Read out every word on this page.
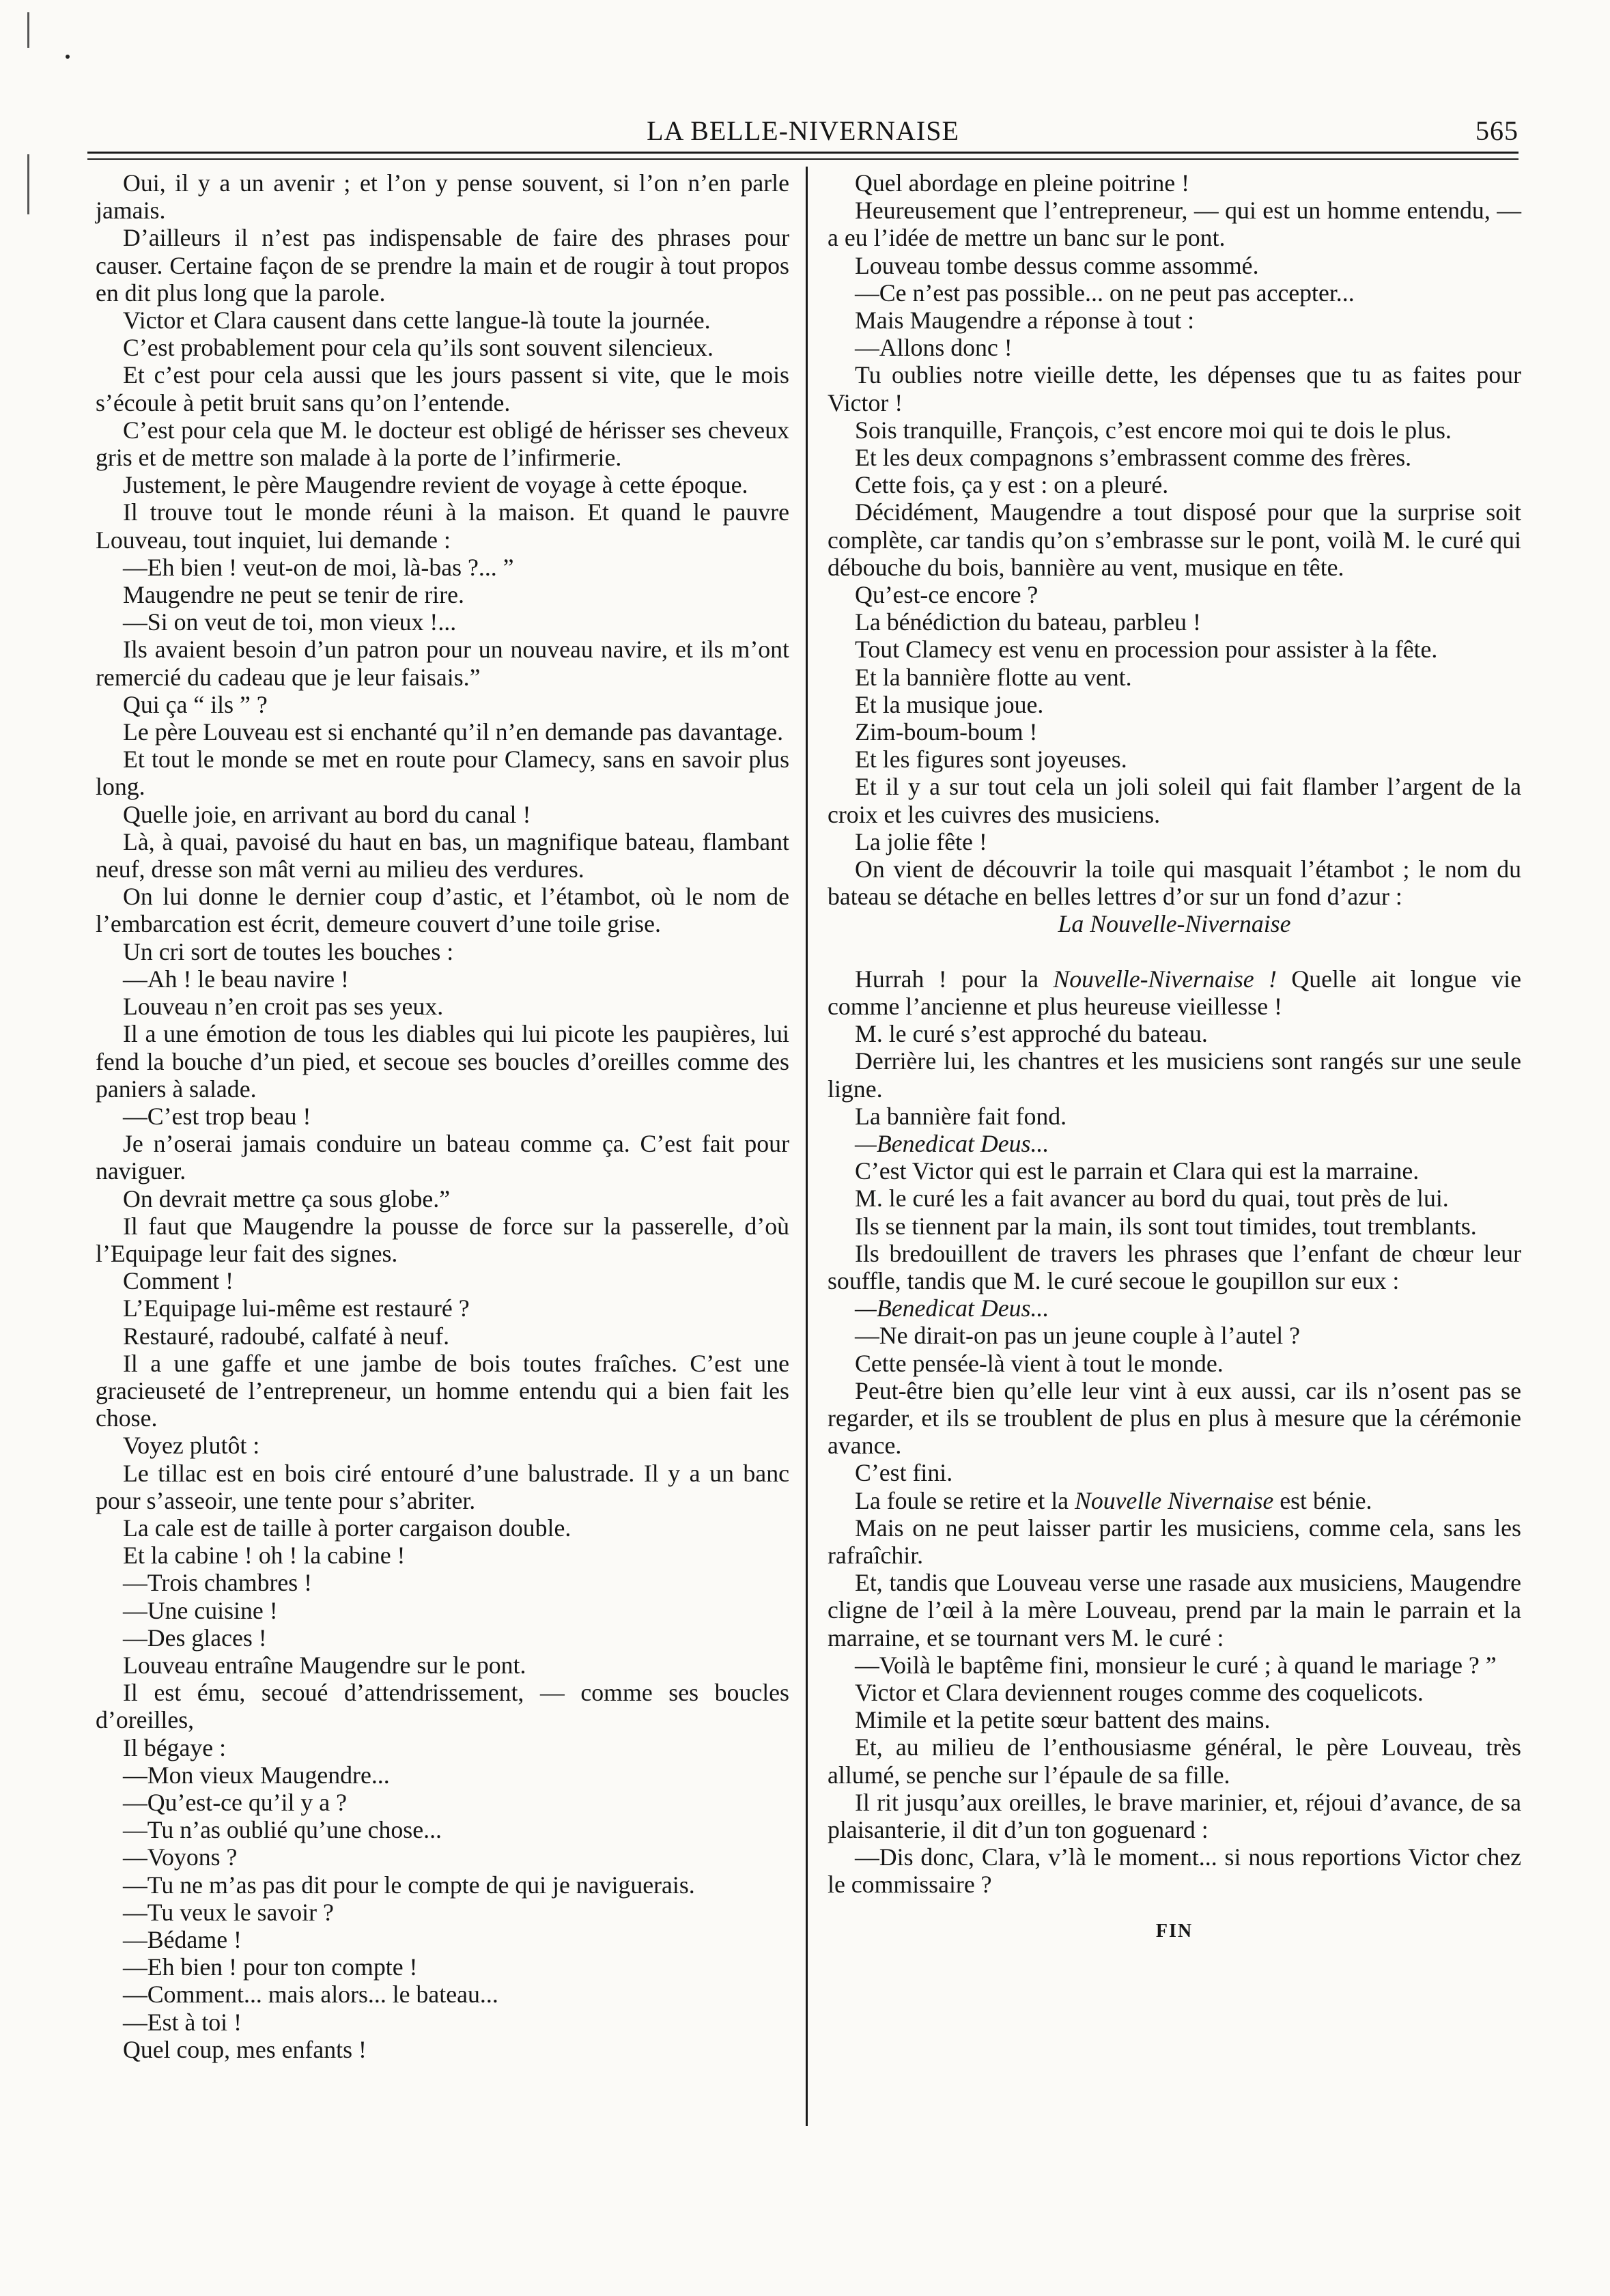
LA BELLE-NIVERNAISE	565

Oui, il y a un avenir ; et l’on y pense souvent, si l’on n’en parle jamais.

D’ailleurs il n’est pas indispensable de faire des phrases pour causer. Certaine façon de se prendre la main et de rougir à tout propos en dit plus long que la parole.

Victor et Clara causent dans cette langue-là toute la journée.

C’est probablement pour cela qu’ils sont souvent silencieux.

Et c’est pour cela aussi que les jours passent si vite, que le mois s’écoule à petit bruit sans qu’on l’entende.

C’est pour cela que M. le docteur est obligé de hérisser ses cheveux gris et de mettre son malade à la porte de l’infirmerie.

Justement, le père Maugendre revient de voyage à cette époque.

Il trouve tout le monde réuni à la maison. Et quand le pauvre Louveau, tout inquiet, lui demande :

—Eh bien ! veut-on de moi, là-bas ?... ”

Maugendre ne peut se tenir de rire.

—Si on veut de toi, mon vieux !...

Ils avaient besoin d’un patron pour un nouveau navire, et ils m’ont remercié du cadeau que je leur faisais.”

Qui ça “ ils ” ?

Le père Louveau est si enchanté qu’il n’en demande pas davantage.

Et tout le monde se met en route pour Clamecy, sans en savoir plus long.

Quelle joie, en arrivant au bord du canal !

Là, à quai, pavoisé du haut en bas, un magnifique bateau, flambant neuf, dresse son mât verni au milieu des verdures.

On lui donne le dernier coup d’astic, et l’étambot, où le nom de l’embarcation est écrit, demeure couvert d’une toile grise.

Un cri sort de toutes les bouches :

—Ah ! le beau navire !

Louveau n’en croit pas ses yeux.

Il a une émotion de tous les diables qui lui picote les paupières, lui fend la bouche d’un pied, et secoue ses boucles d’oreilles comme des paniers à salade.

—C’est trop beau !

Je n’oserai jamais conduire un bateau comme ça. C’est fait pour naviguer.

On devrait mettre ça sous globe.”

Il faut que Maugendre la pousse de force sur la passerelle, d’où l’Equipage leur fait des signes.

Comment !

L’Equipage lui-même est restauré ?

Restauré, radoubé, calfaté à neuf.

Il a une gaffe et une jambe de bois toutes fraîches. C’est une gracieuseté de l’entrepreneur, un homme entendu qui a bien fait les chose.

Voyez plutôt :

Le tillac est en bois ciré entouré d’une balustrade. Il y a un banc pour s’asseoir, une tente pour s’abriter.

La cale est de taille à porter cargaison double.

Et la cabine ! oh ! la cabine !

—Trois chambres !

—Une cuisine !

—Des glaces !

Louveau entraîne Maugendre sur le pont.

Il est ému, secoué d’attendrissement, — comme ses boucles d’oreilles,

Il bégaye :

—Mon vieux Maugendre...

—Qu’est-ce qu’il y a ?

—Tu n’as oublié qu’une chose...

—Voyons ?

—Tu ne m’as pas dit pour le compte de qui je naviguerais.

—Tu veux le savoir ?

—Bédame !

—Eh bien ! pour ton compte !

—Comment... mais alors... le bateau...

—Est à toi !

Quel coup, mes enfants !

Quel abordage en pleine poitrine !

Heureusement que l’entrepreneur, — qui est un homme entendu, — a eu l’idée de mettre un banc sur le pont.

Louveau tombe dessus comme assommé.

—Ce n’est pas possible... on ne peut pas accepter...

Mais Maugendre a réponse à tout :

—Allons donc !

Tu oublies notre vieille dette, les dépenses que tu as faites pour Victor !

Sois tranquille, François, c’est encore moi qui te dois le plus.

Et les deux compagnons s’embrassent comme des frères.

Cette fois, ça y est : on a pleuré.

Décidément, Maugendre a tout disposé pour que la surprise soit complète, car tandis qu’on s’embrasse sur le pont, voilà M. le curé qui débouche du bois, bannière au vent, musique en tête.

Qu’est-ce encore ?

La bénédiction du bateau, parbleu !

Tout Clamecy est venu en procession pour assister à la fête.

Et la bannière flotte au vent.

Et la musique joue.

Zim-boum-boum !

Et les figures sont joyeuses.

Et il y a sur tout cela un joli soleil qui fait flamber l’argent de la croix et les cuivres des musiciens.

La jolie fête !

On vient de découvrir la toile qui masquait l’étambot ; le nom du bateau se détache en belles lettres d’or sur un fond d’azur :

La Nouvelle-Nivernaise

Hurrah ! pour la Nouvelle-Nivernaise ! Quelle ait longue vie comme l’ancienne et plus heureuse vieillesse !

M. le curé s’est approché du bateau.

Derrière lui, les chantres et les musiciens sont rangés sur une seule ligne.

La bannière fait fond.

—Benedicat Deus...

C’est Victor qui est le parrain et Clara qui est la marraine.

M. le curé les a fait avancer au bord du quai, tout près de lui.

Ils se tiennent par la main, ils sont tout timides, tout tremblants.

Ils bredouillent de travers les phrases que l’enfant de chœur leur souffle, tandis que M. le curé secoue le goupillon sur eux :

—Benedicat Deus...

—Ne dirait-on pas un jeune couple à l’autel ?

Cette pensée-là vient à tout le monde.

Peut-être bien qu’elle leur vint à eux aussi, car ils n’osent pas se regarder, et ils se troublent de plus en plus à mesure que la cérémonie avance.

C’est fini.

La foule se retire et la Nouvelle Nivernaise est bénie.

Mais on ne peut laisser partir les musiciens, comme cela, sans les rafraîchir.

Et, tandis que Louveau verse une rasade aux musiciens, Maugendre cligne de l’œil à la mère Louveau, prend par la main le parrain et la marraine, et se tournant vers M. le curé :

—Voilà le baptême fini, monsieur le curé ; à quand le mariage ? ”

Victor et Clara deviennent rouges comme des coquelicots.

Mimile et la petite sœur battent des mains.

Et, au milieu de l’enthousiasme général, le père Louveau, très allumé, se penche sur l’épaule de sa fille.

Il rit jusqu’aux oreilles, le brave marinier, et, réjoui d’avance, de sa plaisanterie, il dit d’un ton goguenard :

—Dis donc, Clara, v’là le moment... si nous reportions Victor chez le commissaire ?

FIN
